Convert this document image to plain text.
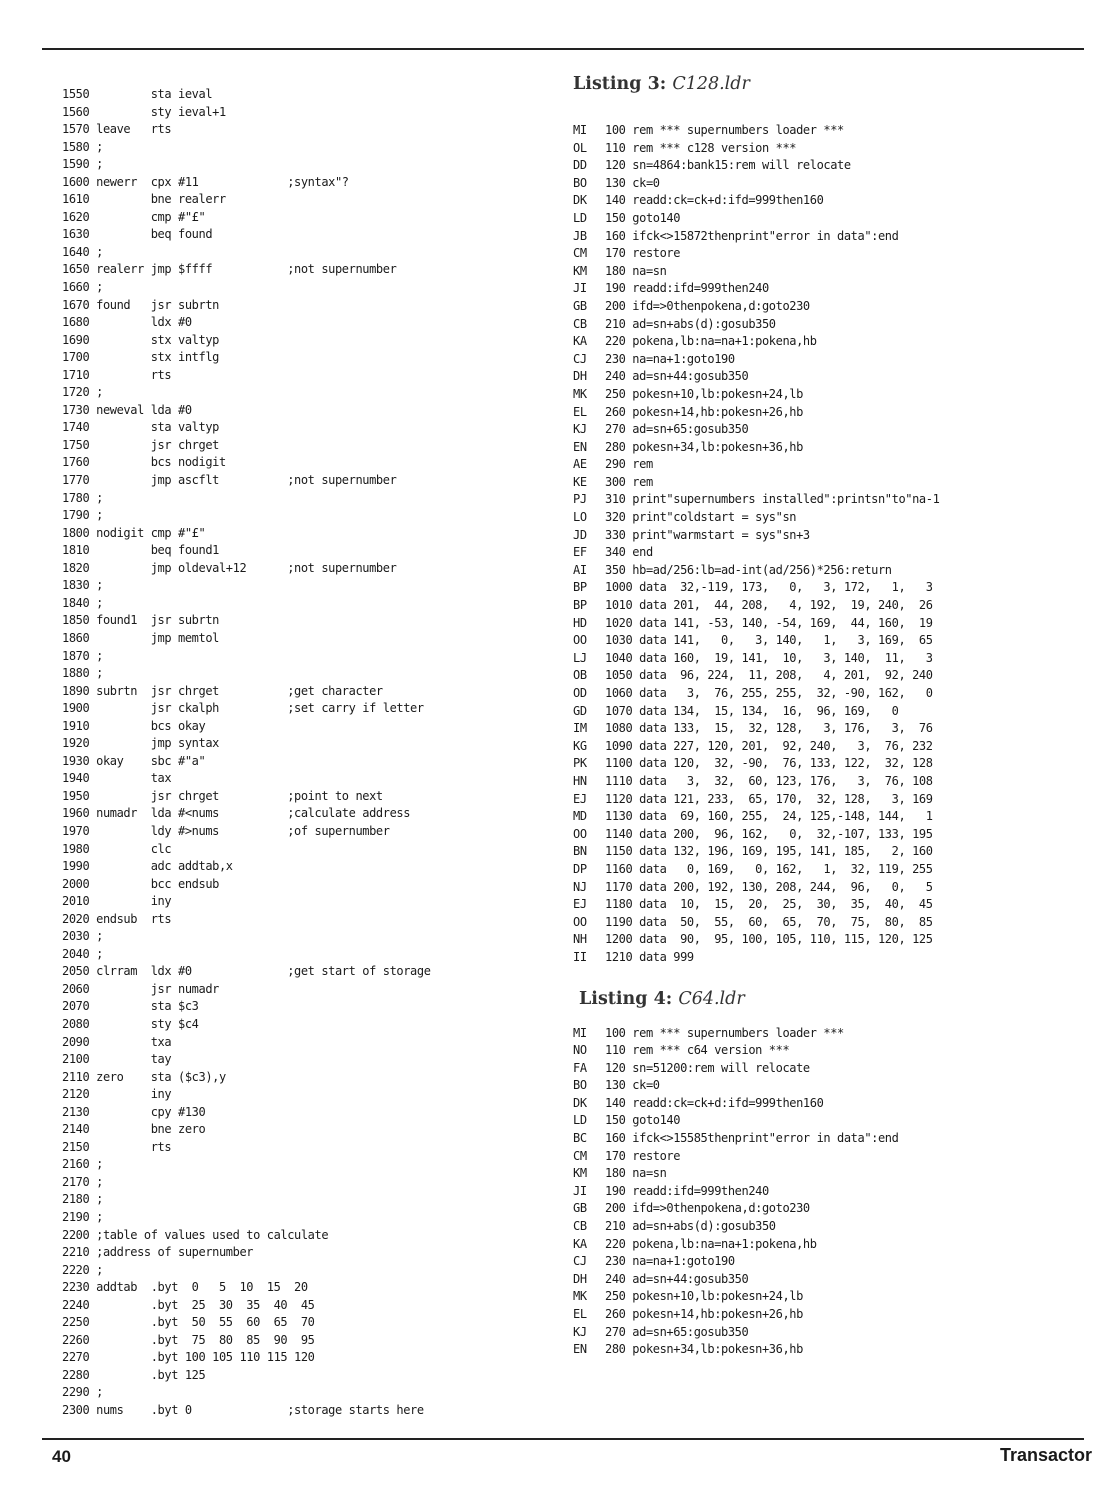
1550         sta ieval
1560         sty ieval+1
1570 leave   rts
1580 ;
1590 ;
1600 newerr  cpx #11             ;syntax"?
1610         bne realerr
1620         cmp #"£"
1630         beq found
1640 ;
1650 realerr jmp $ffff           ;not supernumber
1660 ;
1670 found   jsr subrtn
1680         ldx #0
1690         stx valtyp
1700         stx intflg
1710         rts
1720 ;
1730 neweval lda #0
1740         sta valtyp
1750         jsr chrget
1760         bcs nodigit
1770         jmp ascflt          ;not supernumber
1780 ;
1790 ;
1800 nodigit cmp #"£"
1810         beq found1
1820         jmp oldeval+12      ;not supernumber
1830 ;
1840 ;
1850 found1  jsr subrtn
1860         jmp memtol
1870 ;
1880 ;
1890 subrtn  jsr chrget          ;get character
1900         jsr ckalph          ;set carry if letter
1910         bcs okay
1920         jmp syntax
1930 okay    sbc #"a"
1940         tax
1950         jsr chrget          ;point to next
1960 numadr  lda #<nums          ;calculate address
1970         ldy #>nums          ;of supernumber
1980         clc
1990         adc addtab,x
2000         bcc endsub
2010         iny
2020 endsub  rts
2030 ;
2040 ;
2050 clrram  ldx #0              ;get start of storage
2060         jsr numadr
2070         sta $c3
2080         sty $c4
2090         txa
2100         tay
2110 zero    sta ($c3),y
2120         iny
2130         cpy #130
2140         bne zero
2150         rts
2160 ;
2170 ;
2180 ;
2190 ;
2200 ;table of values used to calculate
2210 ;address of supernumber
2220 ;
2230 addtab  .byt  0   5  10  15  20
2240         .byt  25  30  35  40  45
2250         .byt  50  55  60  65  70
2260         .byt  75  80  85  90  95
2270         .byt 100 105 110 115 120
2280         .byt 125
2290 ;
2300 nums    .byt 0              ;storage starts here
Listing 3: C128.ldr
MI 100 rem *** supernumbers loader ***
OL 110 rem *** c128 version ***
DD 120 sn=4864:bank15:rem will relocate
BO 130 ck=0
DK 140 readd:ck=ck+d:ifd=999then160
LD 150 goto140
JB 160 ifck<>15872thenprint"error in data":end
CM 170 restore
KM 180 na=sn
JI 190 readd:ifd=999then240
GB 200 ifd=>0thenpokena,d:goto230
CB 210 ad=sn+abs(d):gosub350
KA 220 pokena,lb:na=na+1:pokena,hb
CJ 230 na=na+1:goto190
DH 240 ad=sn+44:gosub350
MK 250 pokesn+10,lb:pokesn+24,lb
EL 260 pokesn+14,hb:pokesn+26,hb
KJ 270 ad=sn+65:gosub350
EN 280 pokesn+34,lb:pokesn+36,hb
AE 290 rem
KE 300 rem
PJ 310 print"supernumbers installed":printsn"to"na-1
LO 320 print"coldstart = sys"sn
JD 330 print"warmstart = sys"sn+3
EF 340 end
AI 350 hb=ad/256:lb=ad-int(ad/256)*256:return
BP 1000 data  32,-119, 173,   0,   3, 172,   1,   3
BP 1010 data 201,  44, 208,   4, 192,  19, 240,  26
HD 1020 data 141, -53, 140, -54, 169,  44, 160,  19
OO 1030 data 141,   0,   3, 140,   1,   3, 169,  65
LJ 1040 data 160,  19, 141,  10,   3, 140,  11,   3
OB 1050 data  96, 224,  11, 208,   4, 201,  92, 240
OD 1060 data   3,  76, 255, 255,  32, -90, 162,   0
GD 1070 data 134,  15, 134,  16,  96, 169,   0
IM 1080 data 133,  15,  32, 128,   3, 176,   3,  76
KG 1090 data 227, 120, 201,  92, 240,   3,  76, 232
PK 1100 data 120,  32, -90,  76, 133, 122,  32, 128
HN 1110 data   3,  32,  60, 123, 176,   3,  76, 108
EJ 1120 data 121, 233,  65, 170,  32, 128,   3, 169
MD 1130 data  69, 160, 255,  24, 125,-148, 144,   1
OO 1140 data 200,  96, 162,   0,  32,-107, 133, 195
BN 1150 data 132, 196, 169, 195, 141, 185,   2, 160
DP 1160 data   0, 169,   0, 162,   1,  32, 119, 255
NJ 1170 data 200, 192, 130, 208, 244,  96,   0,   5
EJ 1180 data  10,  15,  20,  25,  30,  35,  40,  45
OO 1190 data  50,  55,  60,  65,  70,  75,  80,  85
NH 1200 data  90,  95, 100, 105, 110, 115, 120, 125
II 1210 data 999
Listing 4: C64.ldr
MI 100 rem *** supernumbers loader ***
NO 110 rem *** c64 version ***
FA 120 sn=51200:rem will relocate
BO 130 ck=0
DK 140 readd:ck=ck+d:ifd=999then160
LD 150 goto140
BC 160 ifck<>15585thenprint"error in data":end
CM 170 restore
KM 180 na=sn
JI 190 readd:ifd=999then240
GB 200 ifd=>0thenpokena,d:goto230
CB 210 ad=sn+abs(d):gosub350
KA 220 pokena,lb:na=na+1:pokena,hb
CJ 230 na=na+1:goto190
DH 240 ad=sn+44:gosub350
MK 250 pokesn+10,lb:pokesn+24,lb
EL 260 pokesn+14,hb:pokesn+26,hb
KJ 270 ad=sn+65:gosub350
EN 280 pokesn+34,lb:pokesn+36,hb
40	Transactor
